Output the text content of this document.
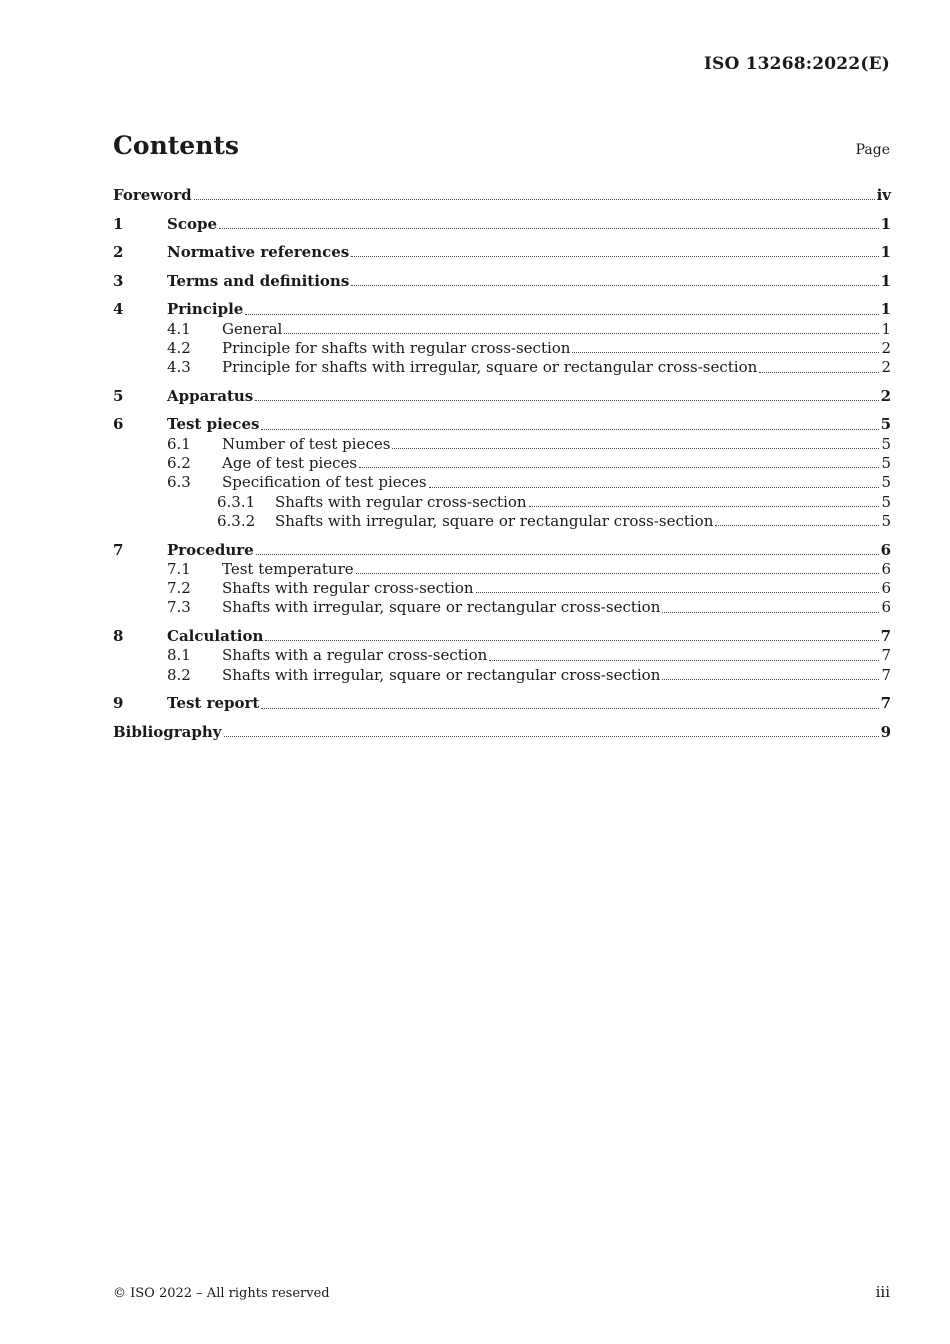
ISO 13268:2022(E)
Contents	Page
Foreword	iv
1	Scope	1
2	Normative references	1
3	Terms and definitions	1
4	Principle	1
4.1	General	1
4.2	Principle for shafts with regular cross-section	2
4.3	Principle for shafts with irregular, square or rectangular cross-section	2
5	Apparatus	2
6	Test pieces	5
6.1	Number of test pieces	5
6.2	Age of test pieces	5
6.3	Specification of test pieces	5
6.3.1	Shafts with regular cross-section	5
6.3.2	Shafts with irregular, square or rectangular cross-section	5
7	Procedure	6
7.1	Test temperature	6
7.2	Shafts with regular cross-section	6
7.3	Shafts with irregular, square or rectangular cross-section	6
8	Calculation	7
8.1	Shafts with a regular cross-section	7
8.2	Shafts with irregular, square or rectangular cross-section	7
9	Test report	7
Bibliography	9
© ISO 2022 – All rights reserved	iii
